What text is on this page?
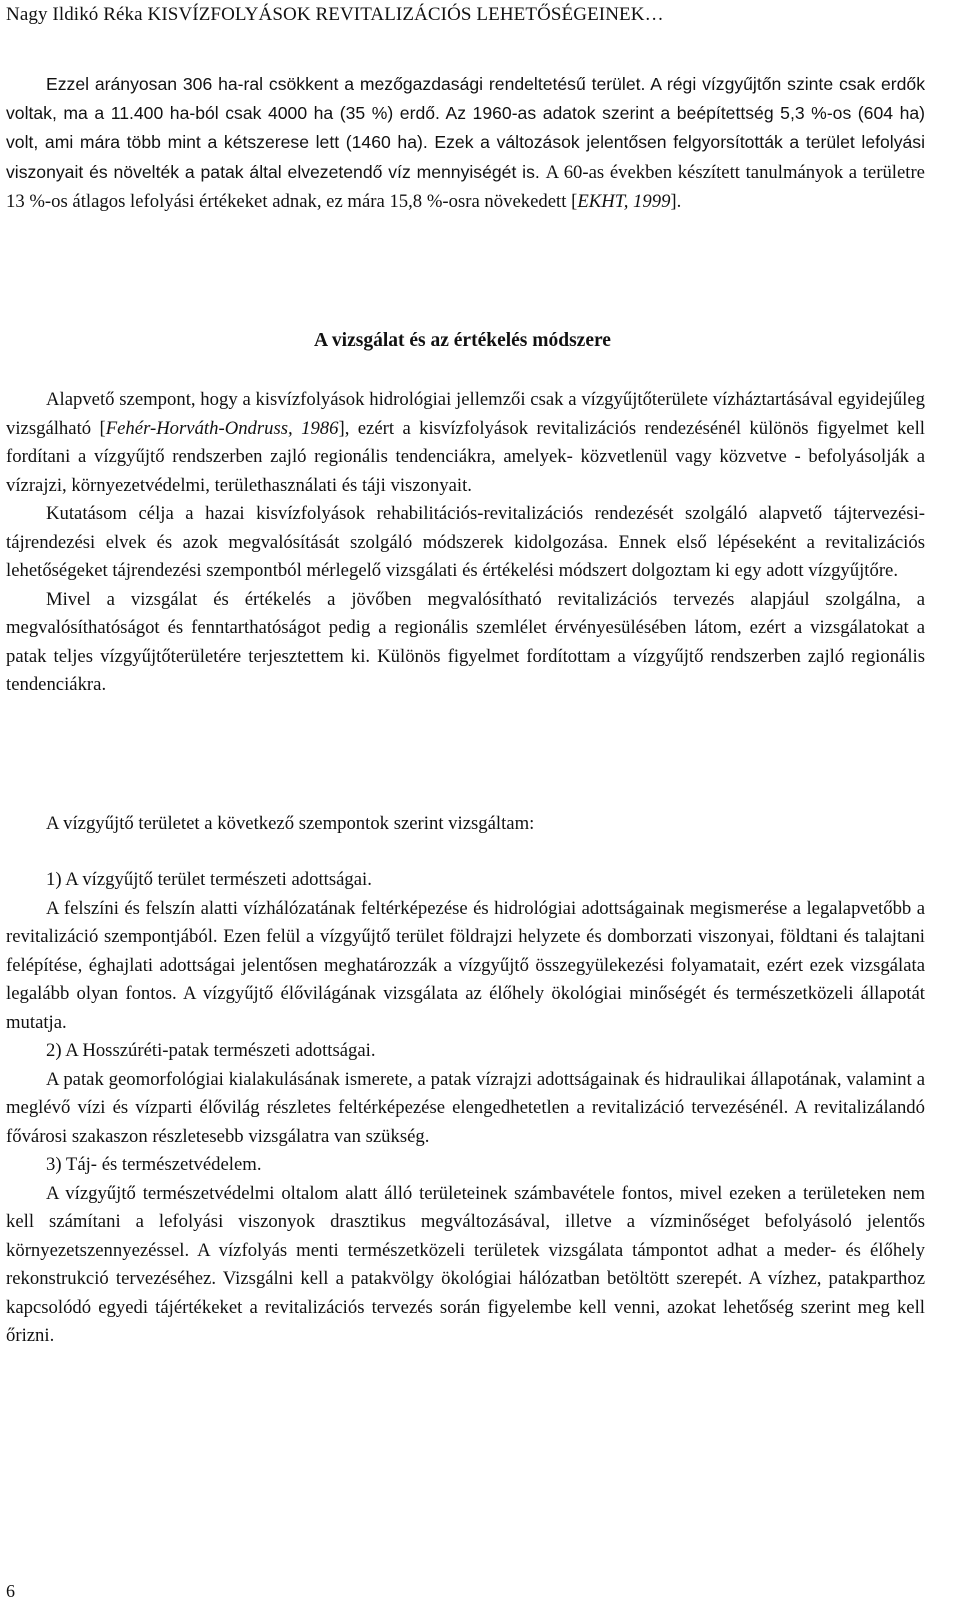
Nagy Ildikó Réka KISVÍZFOLYÁSOK REVITALIZÁCIÓS LEHETŐSÉGEINEK…
Ezzel arányosan 306 ha-ral csökkent a mezőgazdasági rendeltetésű terület. A régi vízgyűjtőn szinte csak erdők voltak, ma a 11.400 ha-ból csak 4000 ha (35 %) erdő. Az 1960-as adatok szerint a beépítettség 5,3 %-os (604 ha) volt, ami mára több mint a kétszerese lett (1460 ha). Ezek a változások jelentősen felgyorsították a terület lefolyási viszonyait és növelték a patak által elvezetendő víz mennyiségét is. A 60-as években készített tanulmányok a területre 13 %-os átlagos lefolyási értékeket adnak, ez mára 15,8 %-osra növekedett [EKHT, 1999].
A vizsgálat és az értékelés módszere
Alapvető szempont, hogy a kisvízfolyások hidrológiai jellemzői csak a vízgyűjtőterülete vízháztartásával egyidejűleg vizsgálható [Fehér-Horváth-Ondruss, 1986], ezért a kisvízfolyások revitalizációs rendezésénél különös figyelmet kell fordítani a vízgyűjtő rendszerben zajló regionális tendenciákra, amelyek- közvetlenül vagy közvetve - befolyásolják a vízrajzi, környezetvédelmi, területhasználati és táji viszonyait.
Kutatásom célja a hazai kisvízfolyások rehabilitációs-revitalizációs rendezését szolgáló alapvető tájtervezési-tájrendezési elvek és azok megvalósítását szolgáló módszerek kidolgozása. Ennek első lépéseként a revitalizációs lehetőségeket tájrendezési szempontból mérlegelő vizsgálati és értékelési módszert dolgoztam ki egy adott vízgyűjtőre.
Mivel a vizsgálat és értékelés a jövőben megvalósítható revitalizációs tervezés alapjául szolgálna, a megvalósíthatóságot és fenntarthatóságot pedig a regionális szemlélet érvényesülésében látom, ezért a vizsgálatokat a patak teljes vízgyűjtőterületére terjesztettem ki. Különös figyelmet fordítottam a vízgyűjtő rendszerben zajló regionális tendenciákra.
A vízgyűjtő területet a következő szempontok szerint vizsgáltam:
1) A vízgyűjtő terület természeti adottságai.
A felszíni és felszín alatti vízhálózatának feltérképezése és hidrológiai adottságainak megismerése a legalapvetőbb a revitalizáció szempontjából. Ezen felül a vízgyűjtő terület földrajzi helyzete és domborzati viszonyai, földtani és talajtani felépítése, éghajlati adottságai jelentősen meghatározzák a vízgyűjtő összegyülekezési folyamatait, ezért ezek vizsgálata legalább olyan fontos. A vízgyűjtő élővilágának vizsgálata az élőhely ökológiai minőségét és természetközeli állapotát mutatja.
2) A Hosszúréti-patak természeti adottságai.
A patak geomorfológiai kialakulásának ismerete, a patak vízrajzi adottságainak és hidraulikai állapotának, valamint a meglévő vízi és vízparti élővilág részletes feltérképezése elengedhetetlen a revitalizáció tervezésénél. A revitalizálandó fővárosi szakaszon részletesebb vizsgálatra van szükség.
3) Táj- és természetvédelem.
A vízgyűjtő természetvédelmi oltalom alatt álló területeinek számbavétele fontos, mivel ezeken a területeken nem kell számítani a lefolyási viszonyok drasztikus megváltozásával, illetve a vízminőséget befolyásoló jelentős környezetszennyezéssel. A vízfolyás menti természetközeli területek vizsgálata támpontot adhat a meder- és élőhely rekonstrukció tervezéséhez. Vizsgálni kell a patakvölgy ökológiai hálózatban betöltött szerepét. A vízhez, patakparthoz kapcsolódó egyedi tájértékeket a revitalizációs tervezés során figyelembe kell venni, azokat lehetőség szerint meg kell őrizni.
6
